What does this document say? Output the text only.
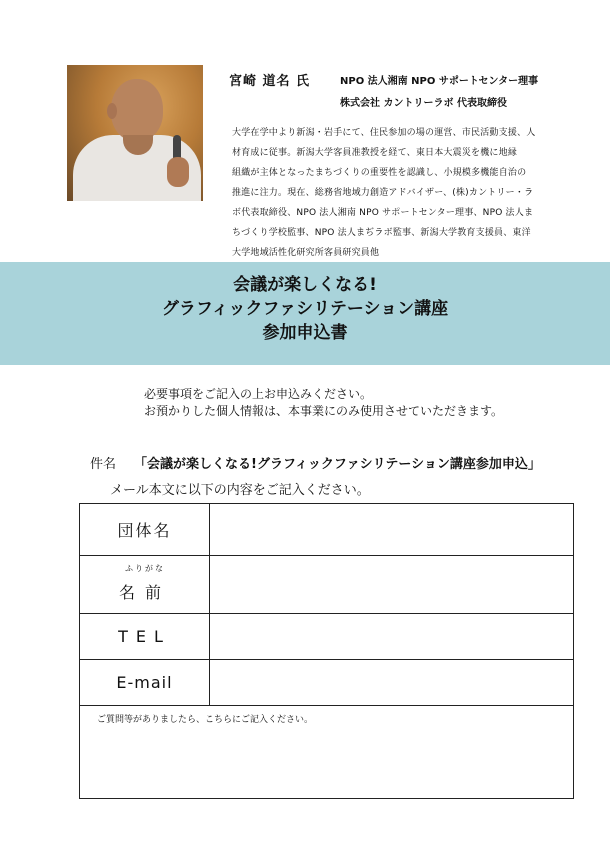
宮崎 道名 氏	NPO 法人湘南 NPO サポートセンター理事
株式会社 カントリーラボ 代表取締役
大学在学中より新潟・岩手にて、住民参加の場の運営、市民活動支援、人
材育成に従事。新潟大学客員准教授を経て、東日本大震災を機に地縁
組織が主体となったまちづくりの重要性を認識し、小規模多機能自治の
推進に注力。現在、総務省地域力創造アドバイザー、(株)カントリー・ラ
ボ代表取締役、NPO 法人湘南 NPO サポートセンター理事、NPO 法人ま
ちづくり学校監事、NPO 法人まぢラボ監事、新潟大学教育支援員、東洋
大学地域活性化研究所客員研究員他
会議が楽しくなる!
グラフィックファシリテーション講座
参加申込書
必要事項をご記入の上お申込みください。
お預かりした個人情報は、本事業にのみ使用させていただきます。
件名 「会議が楽しくなる!グラフィックファシリテーション講座参加申込」
メール本文に以下の内容をご記入ください。
団体名
ふりがな
名前
TEL
E-mail
ご質問等がありましたら、こちらにご記入ください。
